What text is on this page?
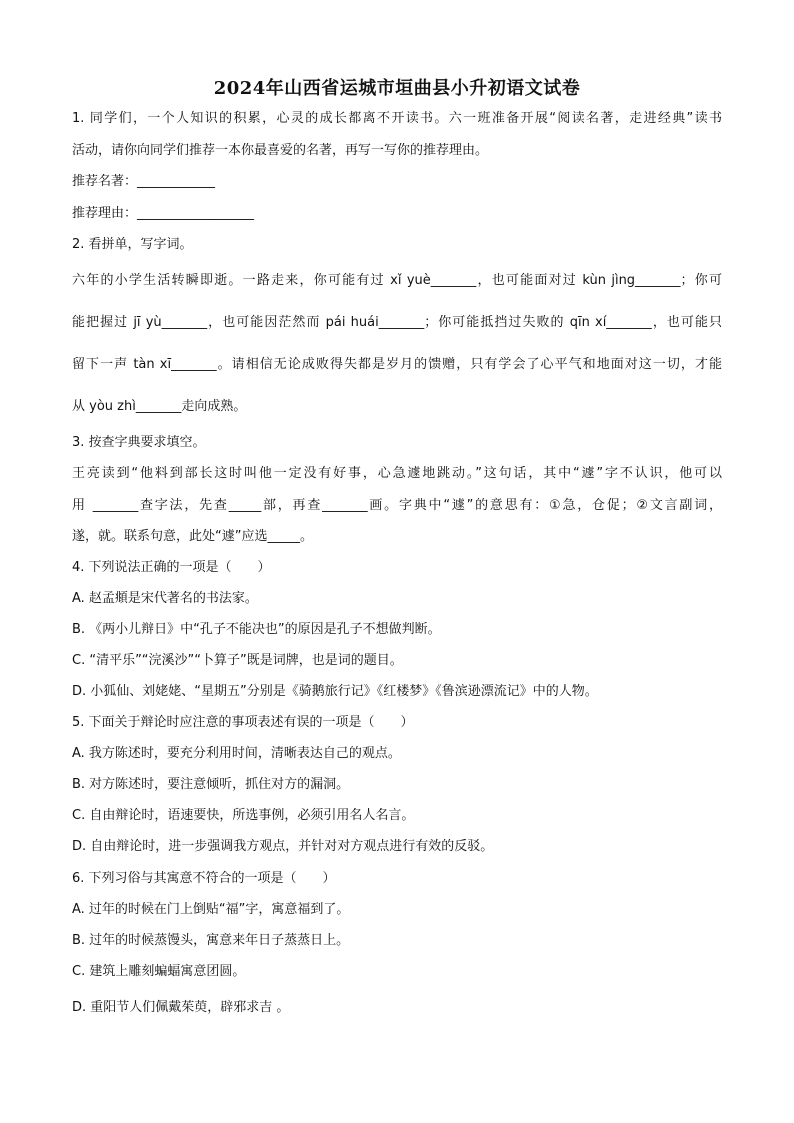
2024年山西省运城市垣曲县小升初语文试卷
1. 同学们，一个人知识的积累，心灵的成长都离不开读书。六一班准备开展“阅读名著，走进经典”读书
活动，请你向同学们推荐一本你最喜爱的名著，再写一写你的推荐理由。
推荐名著：____________
推荐理由：__________________
2. 看拼单，写字词。
六年的小学生活转瞬即逝。一路走来，你可能有过 xǐ yuè_______，也可能面对过 kùn jìng_______；你可
能把握过 jī yù_______，也可能因茫然而 pái huái_______；你可能抵挡过失败的 qīn xí_______，也可能只
留下一声 tàn xī_______。请相信无论成败得失都是岁月的馈赠，只有学会了心平气和地面对这一切，才能
从 yòu zhì_______走向成熟。
3. 按查字典要求填空。
王亮读到“他料到部长这时叫他一定没有好事，心急遽地跳动。”这句话，其中“遽”字不认识，他可以
用 _______查字法，先查_____部，再查_______画。字典中“遽”的意思有：①急，仓促；②文言副词，
遂，就。联系句意，此处“遽”应选_____。
4. 下列说法正确的一项是（　　）
A. 赵孟頫是宋代著名的书法家。
B. 《两小儿辩日》中“孔子不能决也”的原因是孔子不想做判断。
C. “清平乐”“浣溪沙”“卜算子”既是词牌，也是词的题目。
D. 小狐仙、刘姥姥、“星期五”分别是《骑鹅旅行记》《红楼梦》《鲁滨逊漂流记》中的人物。
5. 下面关于辩论时应注意的事项表述有误的一项是（　　）
A. 我方陈述时，要充分利用时间，清晰表达自己的观点。
B. 对方陈述时，要注意倾听，抓住对方的漏洞。
C. 自由辩论时，语速要快，所选事例，必须引用名人名言。
D. 自由辩论时，进一步强调我方观点，并针对对方观点进行有效的反驳。
6. 下列习俗与其寓意不符合的一项是（　　）
A. 过年的时候在门上倒贴“福”字，寓意福到了。
B. 过年的时候蒸馒头，寓意来年日子蒸蒸日上。
C. 建筑上雕刻蝙蝠寓意团圆。
D. 重阳节人们佩戴茱萸，辟邪求吉 。
